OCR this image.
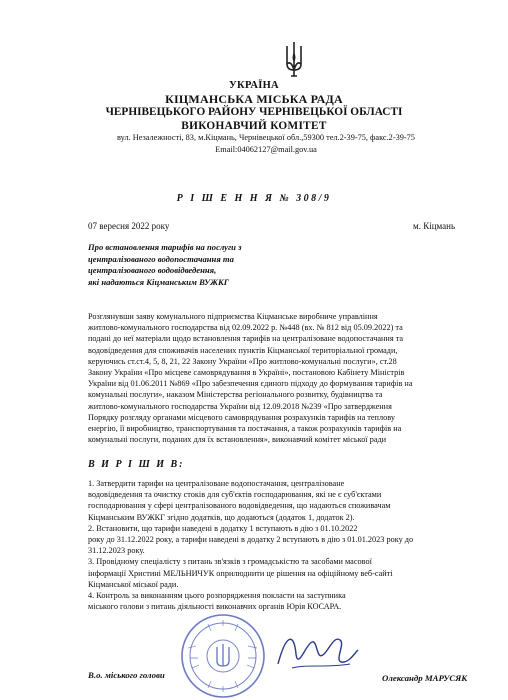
УКРАЇНА
КІЦМАНСЬКА МІСЬКА РАДА
ЧЕРНІВЕЦЬКОГО РАЙОНУ ЧЕРНІВЕЦЬКОЇ ОБЛАСТІ
ВИКОНАВЧИЙ КОМІТЕТ
вул. Незалежності, 83, м.Кіцмань, Чернівецької обл.,59300 тел.2-39-75, факс.2-39-75
Email:04062127@mail.gov.ua
Р І Ш Е Н Н Я № 308/9
07 вересня 2022 року	м. Кіцмань
Про встановлення тарифів на послуги з
централізованого водопостачання та
централізованого водовідведення,
які надаються Кіцманським ВУЖКГ
Розглянувши заяву комунального підприємства Кіцманське виробниче управління
житлово-комунального господарства від 02.09.2022 р. №448 (вх. № 812 від 05.09.2022) та
подані до неї матеріали щодо встановлення тарифів на централізоване водопостачання та
водовідведення для споживачів населених пунктів Кіцманської територіальної громади,
керуючись ст.ст.4, 5, 8, 21, 22 Закону України «Про житлово-комунальні послуги», ст.28
Закону України «Про місцеве самоврядування в Україні», постановою Кабінету Міністрів
України від 01.06.2011 №869 «Про забезпечення єдиного підходу до формування тарифів на
комунальні послуги», наказом Міністерства регіонального розвитку, будівництва та
житлово-комунального господарства України від 12.09.2018 №239 «Про затвердження
Порядку розгляду органами місцевого самоврядування розрахунків тарифів на теплову
енергію, її виробництво, транспортування та постачання, а також розрахунків тарифів на
комунальні послуги, поданих для їх встановлення», виконавчий комітет міської ради
В И Р І Ш И В:
1. Затвердити тарифи на централізоване водопостачання, централізоване
водовідведення та очистку стоків для суб'єктів господарювання, які не є суб'єктами
господарювання у сфері централізованого водовідведення, що надаються споживачам
Кіцманським ВУЖКГ згідно додатків, що додаються (додаток 1, додаток 2).
2. Встановити, що тарифи наведені в додатку 1 вступають в дію з 01.10.2022
року до 31.12.2022 року, а тарифи наведені в додатку 2 вступають в дію з 01.01.2023 року до
31.12.2023 року.
3. Провідному спеціалісту з питань зв'язків з громадськістю та засобами масової
інформації Христині МЕЛЬНИЧУК оприлюднити це рішення на офіційному веб-сайті
Кіцманської міської ради.
4. Контроль за виконанням цього розпорядження покласти на заступника
міського голови з питань діяльності виконавчих органів Юрія КОСАРА.
В.о. міського голови	Олександр МАРУСЯК
